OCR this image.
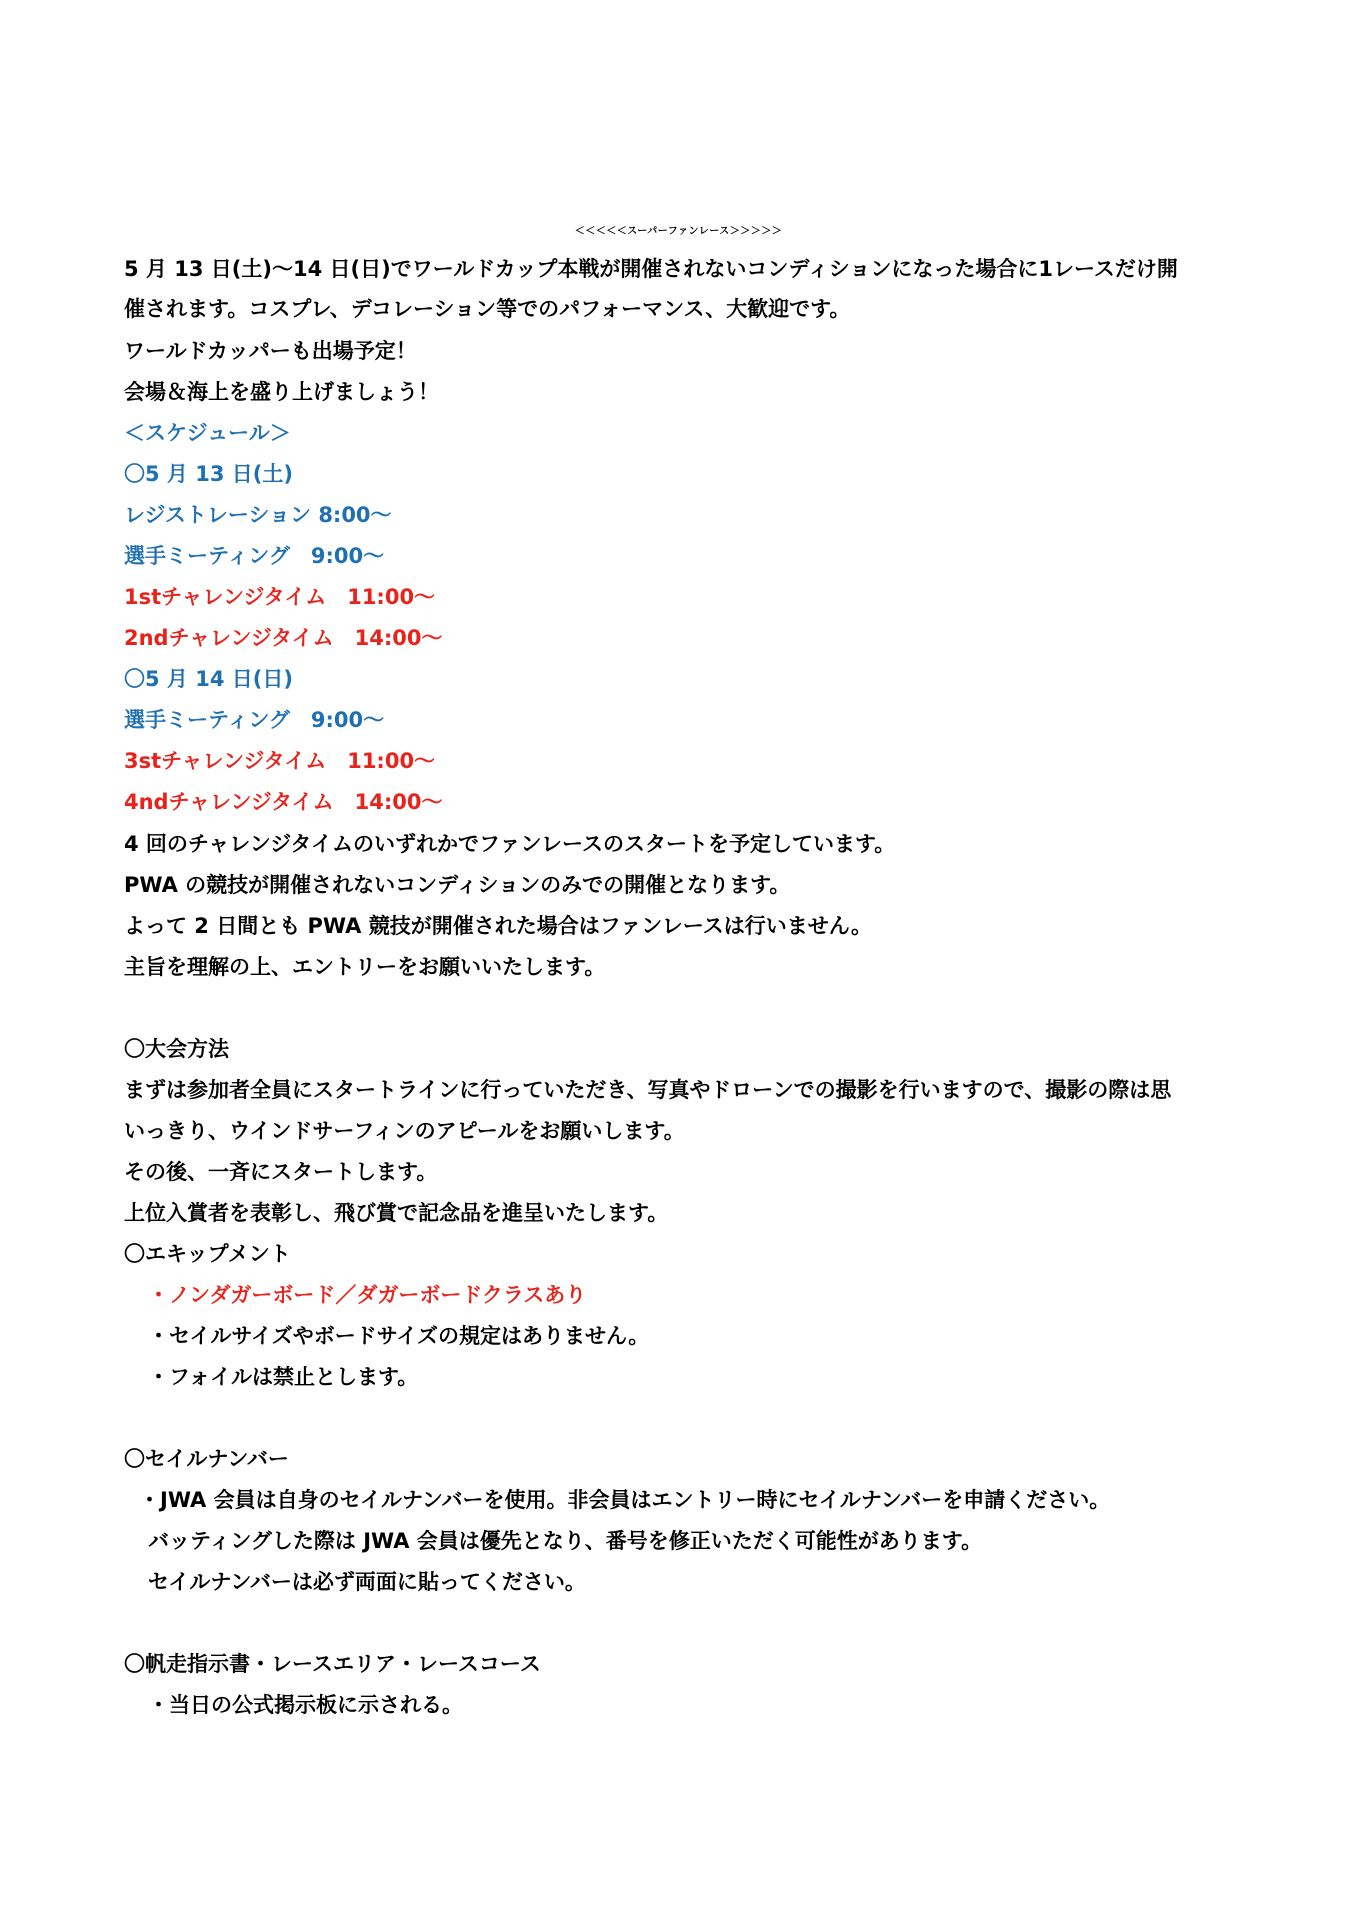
＜＜＜＜＜スーパーファンレース＞＞＞＞＞
5 月 13 日(土)～14 日(日)でワールドカップ本戦が開催されないコンディションになった場合に1レースだけ開
催されます。コスプレ、デコレーション等でのパフォーマンス、大歓迎です。
ワールドカッパーも出場予定！
会場＆海上を盛り上げましょう！
＜スケジュール＞
〇5 月 13 日(土)
レジストレーション 8:00～
選手ミーティング　9:00～
1stチャレンジタイム　11:00～
2ndチャレンジタイム　14:00～
〇5 月 14 日(日)
選手ミーティング　9:00～
3stチャレンジタイム　11:00～
4ndチャレンジタイム　14:00～
4 回のチャレンジタイムのいずれかでファンレースのスタートを予定しています。
PWA の競技が開催されないコンディションのみでの開催となります。
よって 2 日間とも PWA 競技が開催された場合はファンレースは行いません。
主旨を理解の上、エントリーをお願いいたします。
〇大会方法
まずは参加者全員にスタートラインに行っていただき、写真やドローンでの撮影を行いますので、撮影の際は思
いっきり、ウインドサーフィンのアピールをお願いします。
その後、一斉にスタートします。
上位入賞者を表彰し、飛び賞で記念品を進呈いたします。
〇エキップメント
・ノンダガーボード／ダガーボードクラスあり
・セイルサイズやボードサイズの規定はありません。
・フォイルは禁止とします。
〇セイルナンバー
・JWA 会員は自身のセイルナンバーを使用。非会員はエントリー時にセイルナンバーを申請ください。
バッティングした際は JWA 会員は優先となり、番号を修正いただく可能性があります。
セイルナンバーは必ず両面に貼ってください。
〇帆走指示書・レースエリア・レースコース
・当日の公式掲示板に示される。
